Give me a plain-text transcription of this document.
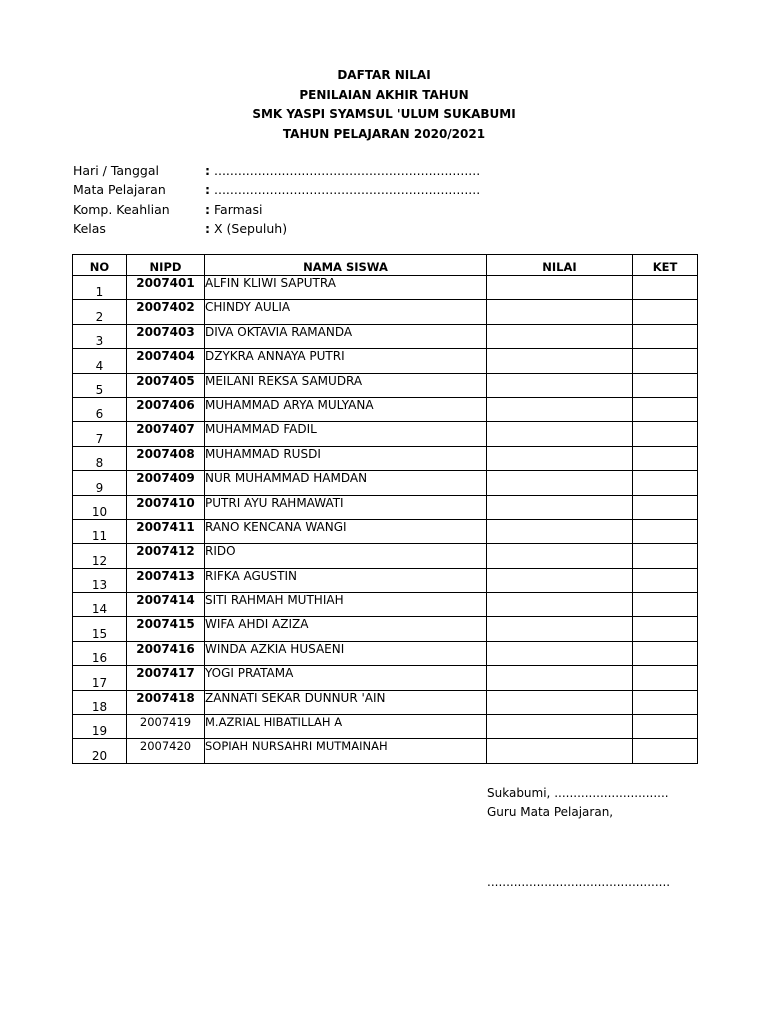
DAFTAR NILAI
PENILAIAN AKHIR TAHUN
SMK YASPI SYAMSUL 'ULUM SUKABUMI
TAHUN PELAJARAN 2020/2021
Hari / Tanggal	: ...................................................................
Mata Pelajaran	: ...................................................................
Komp. Keahlian	: Farmasi
Kelas	: X (Sepuluh)
NO	NIPD	NAMA SISWA	NILAI	KET
1	2007401	ALFIN KLIWI SAPUTRA		
2	2007402	CHINDY AULIA		
3	2007403	DIVA OKTAVIA RAMANDA		
4	2007404	DZYKRA ANNAYA PUTRI		
5	2007405	MEILANI REKSA SAMUDRA		
6	2007406	MUHAMMAD ARYA MULYANA		
7	2007407	MUHAMMAD FADIL		
8	2007408	MUHAMMAD RUSDI		
9	2007409	NUR MUHAMMAD HAMDAN		
10	2007410	PUTRI AYU RAHMAWATI		
11	2007411	RANO KENCANA WANGI		
12	2007412	RIDO		
13	2007413	RIFKA AGUSTIN		
14	2007414	SITI RAHMAH MUTHIAH		
15	2007415	WIFA AHDI AZIZA		
16	2007416	WINDA AZKIA HUSAENI		
17	2007417	YOGI PRATAMA		
18	2007418	ZANNATI SEKAR DUNNUR 'AIN		
19	2007419	M.AZRIAL HIBATILLAH A		
20	2007420	SOPIAH NURSAHRI MUTMAINAH		
Sukabumi, ..............................
Guru Mata Pelajaran,
................................................
